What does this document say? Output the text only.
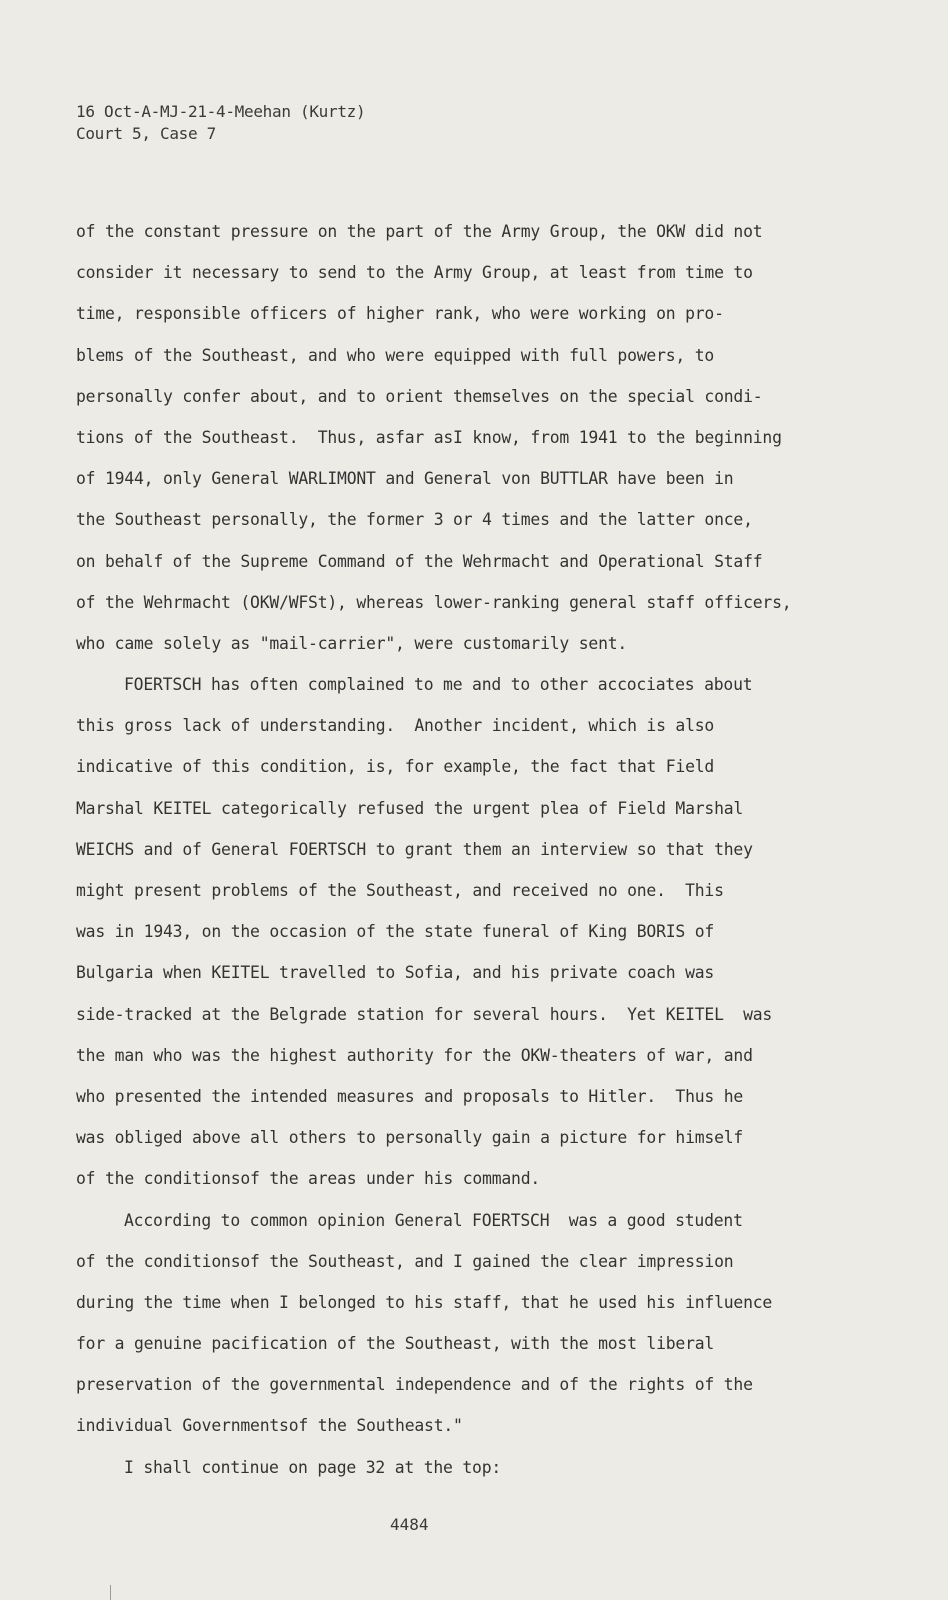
16 Oct-A-MJ-21-4-Meehan (Kurtz)
Court 5, Case 7
of the constant pressure on the part of the Army Group, the OKW did not
consider it necessary to send to the Army Group, at least from time to
time, responsible officers of higher rank, who were working on pro-
blems of the Southeast, and who were equipped with full powers, to
personally confer about, and to orient themselves on the special condi-
tions of the Southeast.  Thus, asfar asI know, from 1941 to the beginning
of 1944, only General WARLIMONT and General von BUTTLAR have been in
the Southeast personally, the former 3 or 4 times and the latter once,
on behalf of the Supreme Command of the Wehrmacht and Operational Staff
of the Wehrmacht (OKW/WFSt), whereas lower-ranking general staff officers,
who came solely as "mail-carrier", were customarily sent.
FOERTSCH has often complained to me and to other accociates about
this gross lack of understanding.  Another incident, which is also
indicative of this condition, is, for example, the fact that Field
Marshal KEITEL categorically refused the urgent plea of Field Marshal
WEICHS and of General FOERTSCH to grant them an interview so that they
might present problems of the Southeast, and received no one.  This
was in 1943, on the occasion of the state funeral of King BORIS of
Bulgaria when KEITEL travelled to Sofia, and his private coach was
side-tracked at the Belgrade station for several hours.  Yet KEITEL  was
the man who was the highest authority for the OKW-theaters of war, and
who presented the intended measures and proposals to Hitler.  Thus he
was obliged above all others to personally gain a picture for himself
of the conditionsof the areas under his command.
According to common opinion General FOERTSCH  was a good student
of the conditionsof the Southeast, and I gained the clear impression
during the time when I belonged to his staff, that he used his influence
for a genuine pacification of the Southeast, with the most liberal
preservation of the governmental independence and of the rights of the
individual Governmentsof the Southeast."
I shall continue on page 32 at the top:
4484
